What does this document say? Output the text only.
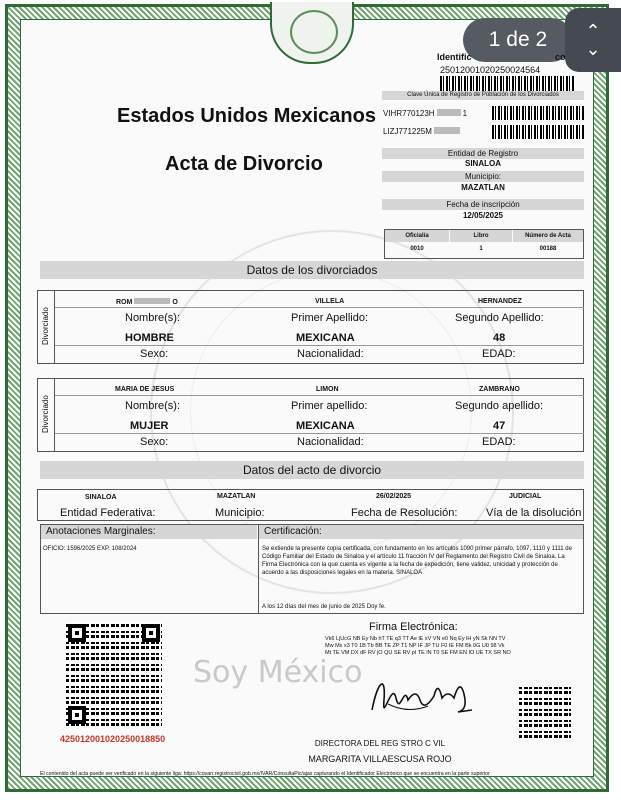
1 de 2	⌃
⌄
Estados Unidos Mexicanos
Acta de Divorcio
Identific	co
25012001020250024564
Clave Única de Registro de Población de los Divorciados
VIHR770123H	1
LIZJ771225M
Entidad de Registro
SINALOA
Municipio:
MAZATLAN
Fecha de inscripción
12/05/2025
Oficialía	Libro	Número de Acta
0010	1	00188
Datos de los divorciados
Divorciado
ROM	O	VILLELA	HERNANDEZ
Nombre(s):	Primer Apellido:	Segundo Apellido:
HOMBRE	MEXICANA	48
Sexo:	Nacionalidad:	EDAD:
Divorciado
MARIA DE JESUS	LIMON	ZAMBRANO
Nombre(s):	Primer apellido:	Segundo apellido:
MUJER	MEXICANA	47
Sexo:	Nacionalidad:	EDAD:
Datos del acto de divorcio
SINALOA	MAZATLAN	26/02/2025	JUDICIAL
Entidad Federativa:	Municipio:	Fecha de Resolución:	Vía de la disolución
Anotaciones Marginales:	Certificación:
OFICIO: 1596/2025 EXP. 108/2024	Se extiende la presente copia certificada, con fundamento en los artículos 1090 primer párrafo, 1097, 1110 y 1111 de Código Familiar del Estado de Sinaloa y el artículo 11 fracción IV del Reglamento del Registro Civil de Sinaloa. La Firma Electrónica con la que cuenta es vigente a la fecha de expedición, tiene validez, unicidad y protección de acuerdo a las disposiciones legales en la materia. SINALOA
A los 12 días del mes de junio de 2025 Doy fe.
425012001020250018850
Firma Electrónica:
Vk6 LjUcG NB Ey Nb hT TE q3 TT Ae lE xV VN e0 Nq Ey lH yN Sk NN TV
Mw Mx x3 T0 1B Tb BB TE ZP T1 NP IF JP TU F0 IE FM Bk 0G U0 98 Vk
Mt TE VM DX dF RV jO QU SE RV pI TE lN T0 SE FM EN IO UE TX SR NO
Soy México
DIRECTORA DEL REG STRO C VIL
MARGARITA VILLAESCUSA ROJO
El contenido del acta puede ser verificado en la siguiente liga: https://covarr.registrocivil.gob.mx/IVAR/ConsultaPic/ajax capturando el Identificador Electrónico que se encuentra en la parte superior
